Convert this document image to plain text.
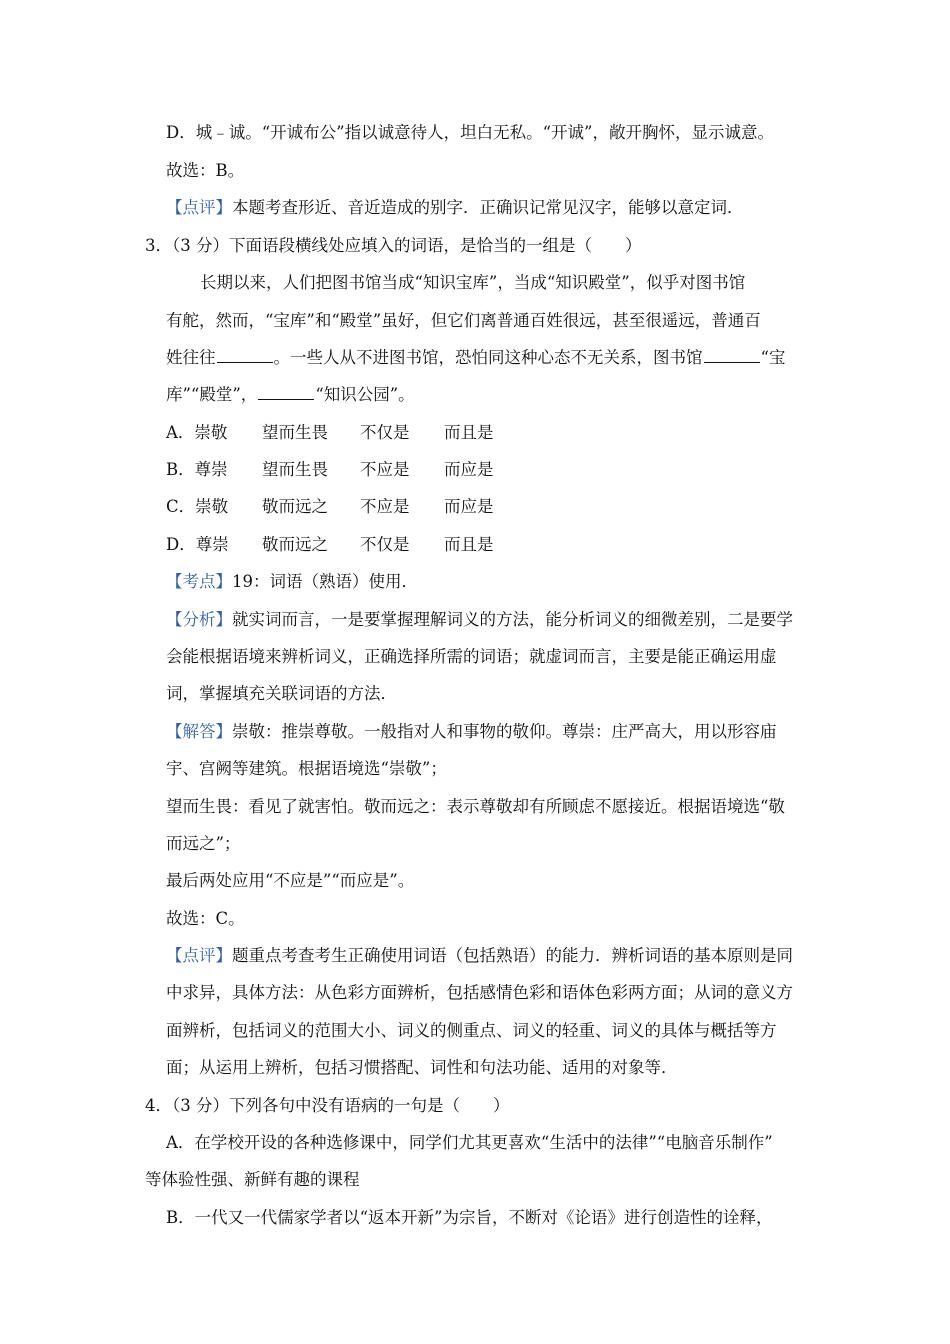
D．城﹣诚。“开诚布公”指以诚意待人，坦白无私。“开诚”，敞开胸怀，显示诚意。
故选：B。
【点评】本题考查形近、音近造成的别字．正确识记常见汉字，能够以意定词．
3．（3 分）下面语段横线处应填入的词语，是恰当的一组是（　　）
长期以来，人们把图书馆当成“知识宝库”，当成“知识殿堂”，似乎对图书馆
有舵，然而，“宝库”和“殿堂”虽好，但它们离普通百姓很远，甚至很遥远，普通百
姓往往	。一些人从不进图书馆，恐怕同这种心态不无关系，图书馆	“宝
库”“殿堂”，	“知识公园”。
A．崇敬 望而生畏 不仅是 而且是
B．尊崇 望而生畏 不应是 而应是
C．崇敬 敬而远之 不应是 而应是
D．尊崇 敬而远之 不仅是 而且是
【考点】19：词语（熟语）使用．
【分析】就实词而言，一是要掌握理解词义的方法，能分析词义的细微差别，二是要学
会能根据语境来辨析词义，正确选择所需的词语；就虚词而言，主要是能正确运用虚
词，掌握填充关联词语的方法．
【解答】崇敬：推崇尊敬。一般指对人和事物的敬仰。尊崇：庄严高大，用以形容庙
宇、宫阙等建筑。根据语境选“崇敬”；
望而生畏：看见了就害怕。敬而远之：表示尊敬却有所顾虑不愿接近。根据语境选“敬
而远之”；
最后两处应用“不应是”“而应是”。
故选：C。
【点评】题重点考查考生正确使用词语（包括熟语）的能力．辨析词语的基本原则是同
中求异，具体方法：从色彩方面辨析，包括感情色彩和语体色彩两方面；从词的意义方
面辨析，包括词义的范围大小、词义的侧重点、词义的轻重、词义的具体与概括等方
面；从运用上辨析，包括习惯搭配、词性和句法功能、适用的对象等．
4．（3 分）下列各句中没有语病的一句是（　　）
A．在学校开设的各种选修课中，同学们尤其更喜欢“生活中的法律”“电脑音乐制作”
等体验性强、新鲜有趣的课程
B．一代又一代儒家学者以“返本开新”为宗旨，不断对《论语》进行创造性的诠释，
